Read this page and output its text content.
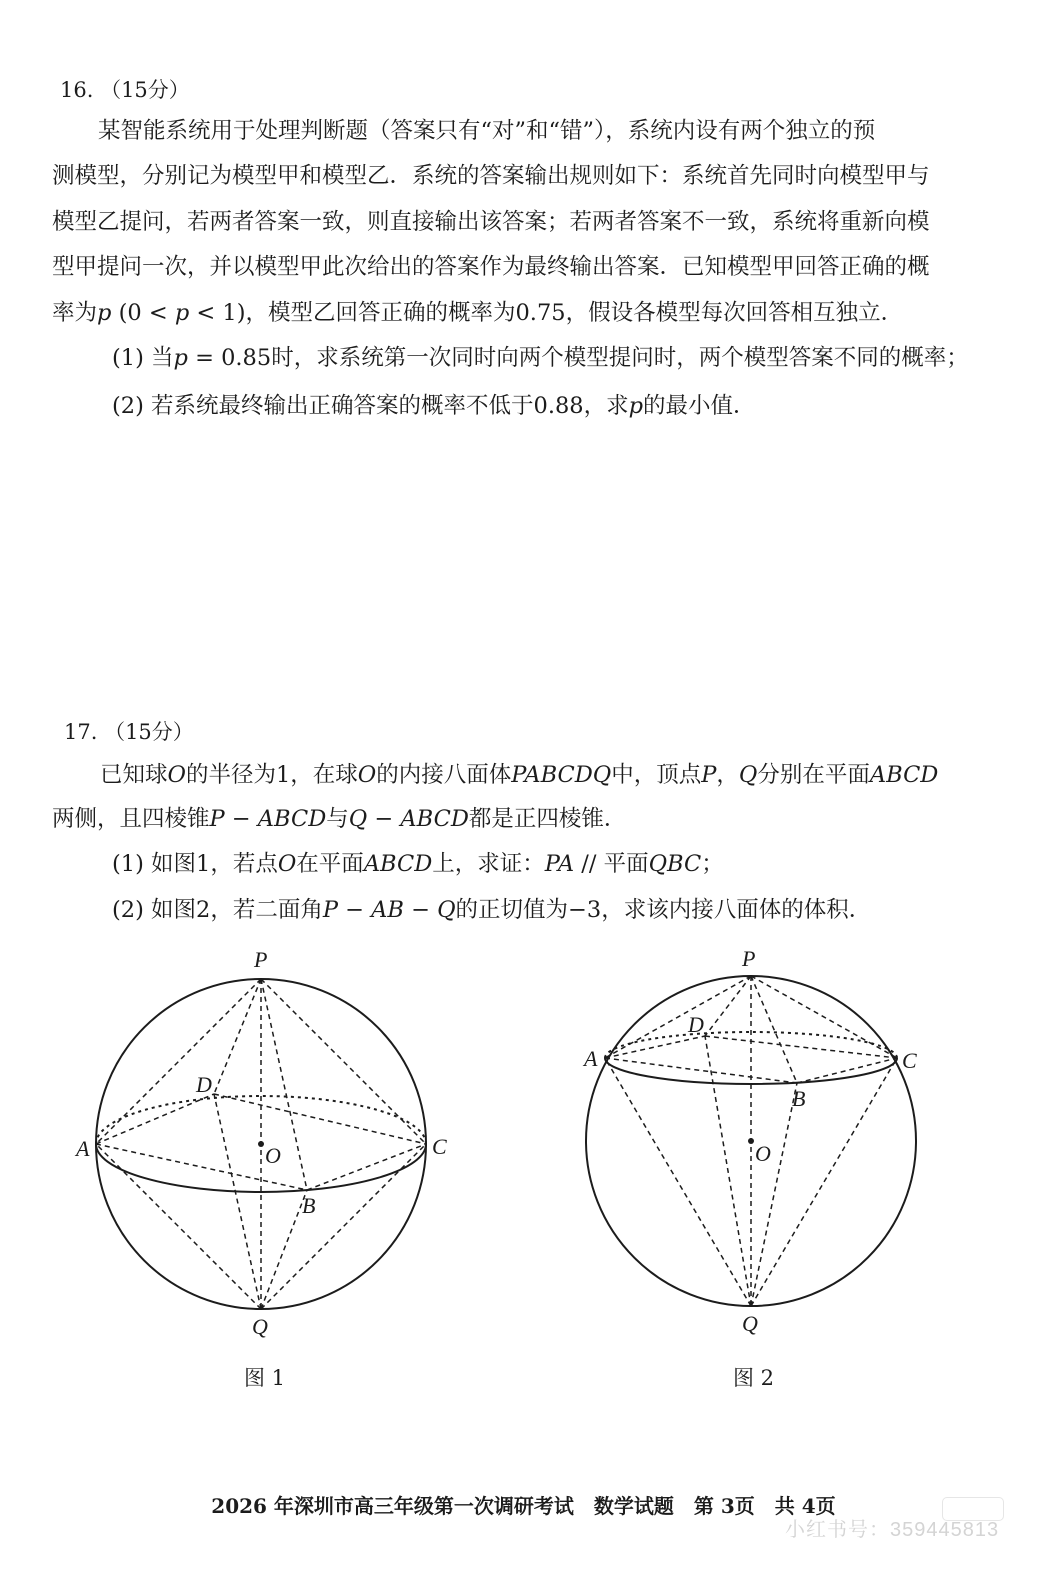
16. （15分）
某智能系统用于处理判断题（答案只有“对”和“错”），系统内设有两个独立的预
测模型，分别记为模型甲和模型乙．系统的答案输出规则如下：系统首先同时向模型甲与
模型乙提问，若两者答案一致，则直接输出该答案；若两者答案不一致，系统将重新向模
型甲提问一次，并以模型甲此次给出的答案作为最终输出答案．已知模型甲回答正确的概
率为p (0 < p < 1)，模型乙回答正确的概率为0.75，假设各模型每次回答相互独立．
(1) 当p = 0.85时，求系统第一次同时向两个模型提问时，两个模型答案不同的概率；
(2) 若系统最终输出正确答案的概率不低于0.88，求p的最小值．
17. （15分）
已知球O的半径为1，在球O的内接八面体PABCDQ中，顶点P，Q分别在平面ABCD
两侧，且四棱锥P − ABCD与Q − ABCD都是正四棱锥．
(1) 如图1，若点O在平面ABCD上，求证：PA // 平面QBC；
(2) 如图2，若二面角P − AB − Q的正切值为−3，求该内接八面体的体积．
P
A	C
D
O
B
Q
P
A	C
D
O
B
Q
图 1	图 2
2026 年深圳市高三年级第一次调研考试　数学试题　第 3页　共 4页
小红书号：359445813
